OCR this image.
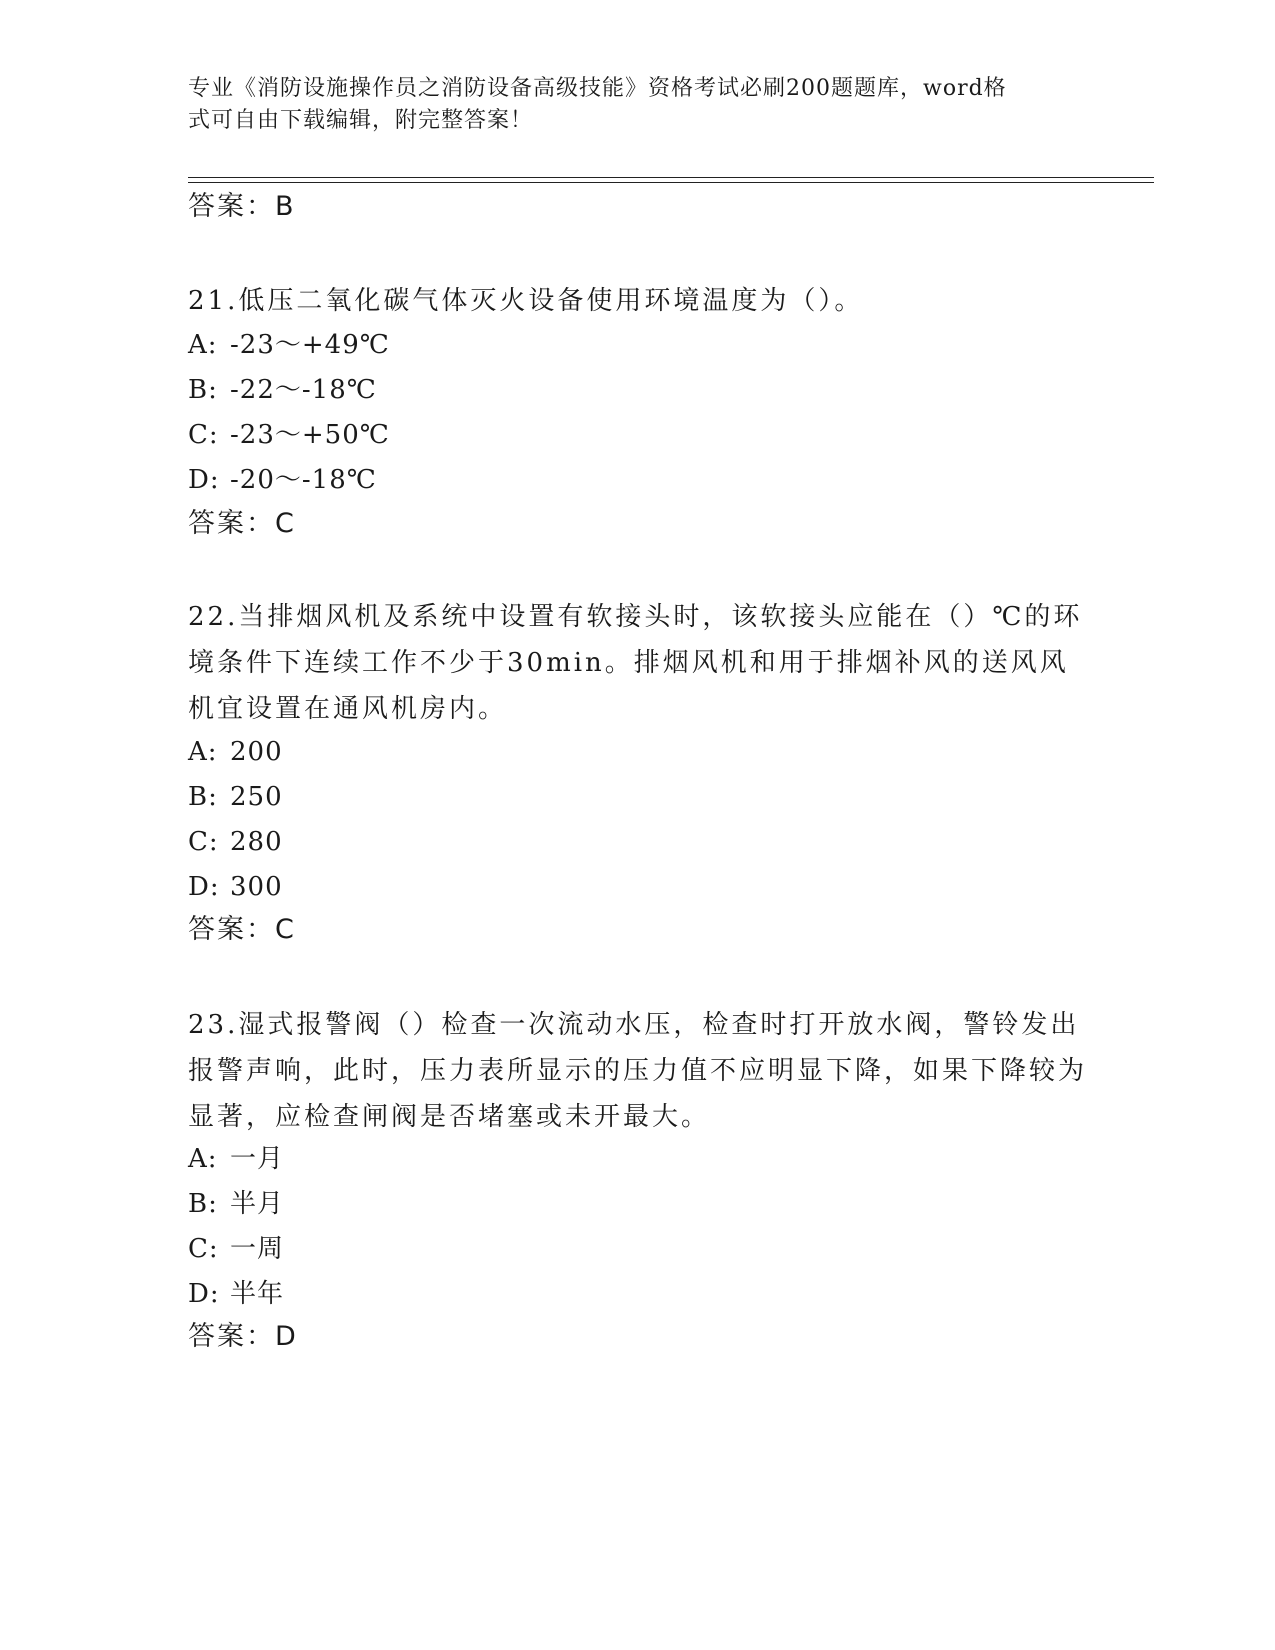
专业《消防设施操作员之消防设备高级技能》资格考试必刷200题题库，word格
式可自由下载编辑，附完整答案！
答案：B
21.低压二氧化碳气体灭火设备使用环境温度为（）。
A: -23～+49℃
B: -22～-18℃
C: -23～+50℃
D: -20～-18℃
答案：C
22.当排烟风机及系统中设置有软接头时，该软接头应能在（）℃的环境条件下连续工作不少于30min。排烟风机和用于排烟补风的送风风机宜设置在通风机房内。
A: 200
B: 250
C: 280
D: 300
答案：C
23.湿式报警阀（）检查一次流动水压，检查时打开放水阀，警铃发出报警声响，此时，压力表所显示的压力值不应明显下降，如果下降较为显著，应检查闸阀是否堵塞或未开最大。
A: 一月
B: 半月
C: 一周
D: 半年
答案：D
